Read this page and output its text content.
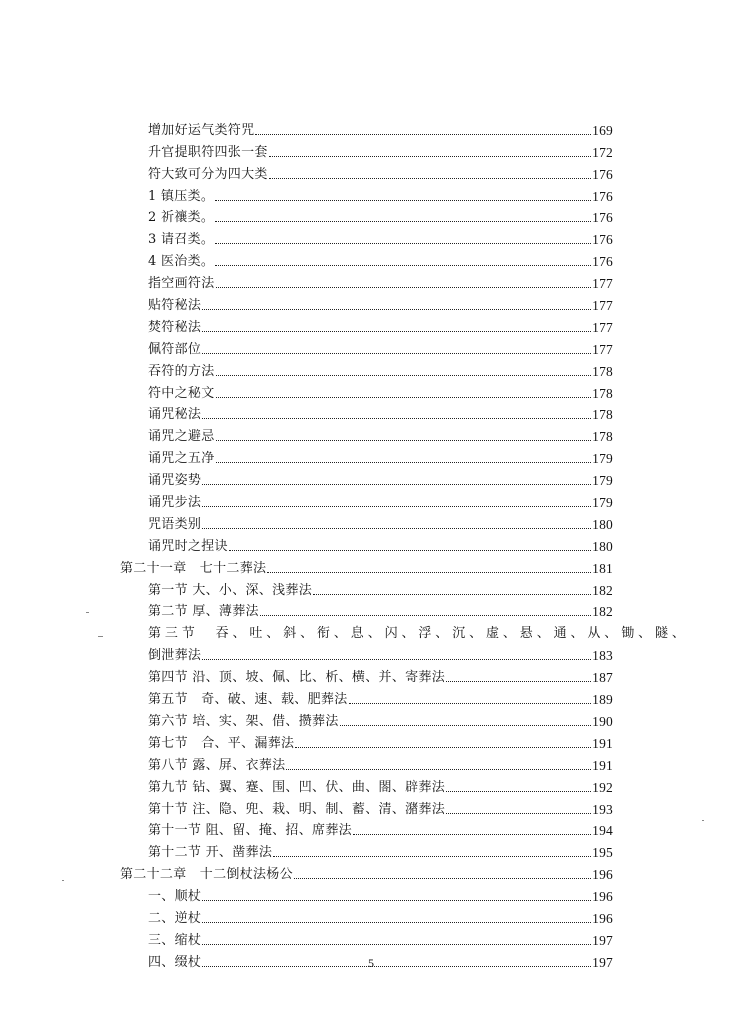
增加好运气类符咒	169
升官提职符四张一套	172
符大致可分为四大类	176
1 镇压类。	176
2 祈禳类。	176
3 请召类。	176
4 医治类。	176
指空画符法	177
贴符秘法	177
焚符秘法	177
佩符部位	177
吞符的方法	178
符中之秘文	178
诵咒秘法	178
诵咒之避忌	178
诵咒之五净	179
诵咒姿势	179
诵咒步法	179
咒语类别	180
诵咒时之捏诀	180
第二十一章　七十二葬法	181
第一节 大、小、深、浅葬法	182
第二节 厚、薄葬法	182
第三节　吞、吐、斜、衔、息、闪、浮、沉、虚、悬、通、从、锄、隧、
倒泄葬法	183
第四节 沿、顶、坡、佩、比、析、横、并、寄葬法	187
第五节　奇、破、速、载、肥葬法	189
第六节 培、实、架、借、攒葬法	190
第七节　合、平、漏葬法	191
第八节 露、屏、衣葬法	191
第九节 钻、翼、蹇、围、凹、伏、曲、閤、辟葬法	192
第十节 注、隐、兜、栽、明、制、蓄、清、潴葬法	193
第十一节 阻、留、掩、招、席葬法	194
第十二节 开、凿葬法	195
第二十二章　十二倒杖法杨公	196
一、顺杖	196
二、逆杖	196
三、缩杖	197
四、缀杖	197
5
